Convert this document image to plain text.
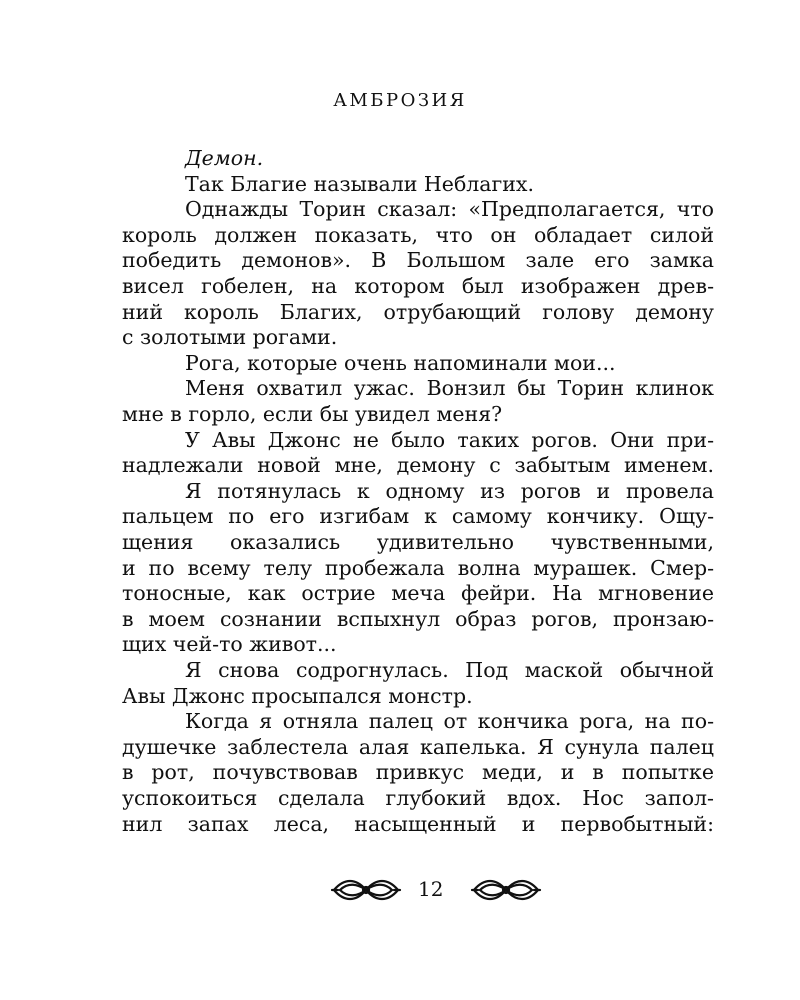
АМБРОЗИЯ
Демон.
Так Благие называли Неблагих.
Однажды Торин сказал: «Предполагается, что
король должен показать, что он обладает силой
победить демонов». В Большом зале его замка
висел гобелен, на котором был изображен древ-
ний король Благих, отрубающий голову демону
с золотыми рогами.
Рога, которые очень напоминали мои...
Меня охватил ужас. Вонзил бы Торин клинок
мне в горло, если бы увидел меня?
У Авы Джонс не было таких рогов. Они при-
надлежали новой мне, демону с забытым именем.
Я потянулась к одному из рогов и провела
пальцем по его изгибам к самому кончику. Ощу-
щения оказались удивительно чувственными,
и по всему телу пробежала волна мурашек. Смер-
тоносные, как острие меча фейри. На мгновение
в моем сознании вспыхнул образ рогов, пронзаю-
щих чей-то живот...
Я снова содрогнулась. Под маской обычной
Авы Джонс просыпался монстр.
Когда я отняла палец от кончика рога, на по-
душечке заблестела алая капелька. Я сунула палец
в рот, почувствовав привкус меди, и в попытке
успокоиться сделала глубокий вдох. Нос запол-
нил запах леса, насыщенный и первобытный:
12
